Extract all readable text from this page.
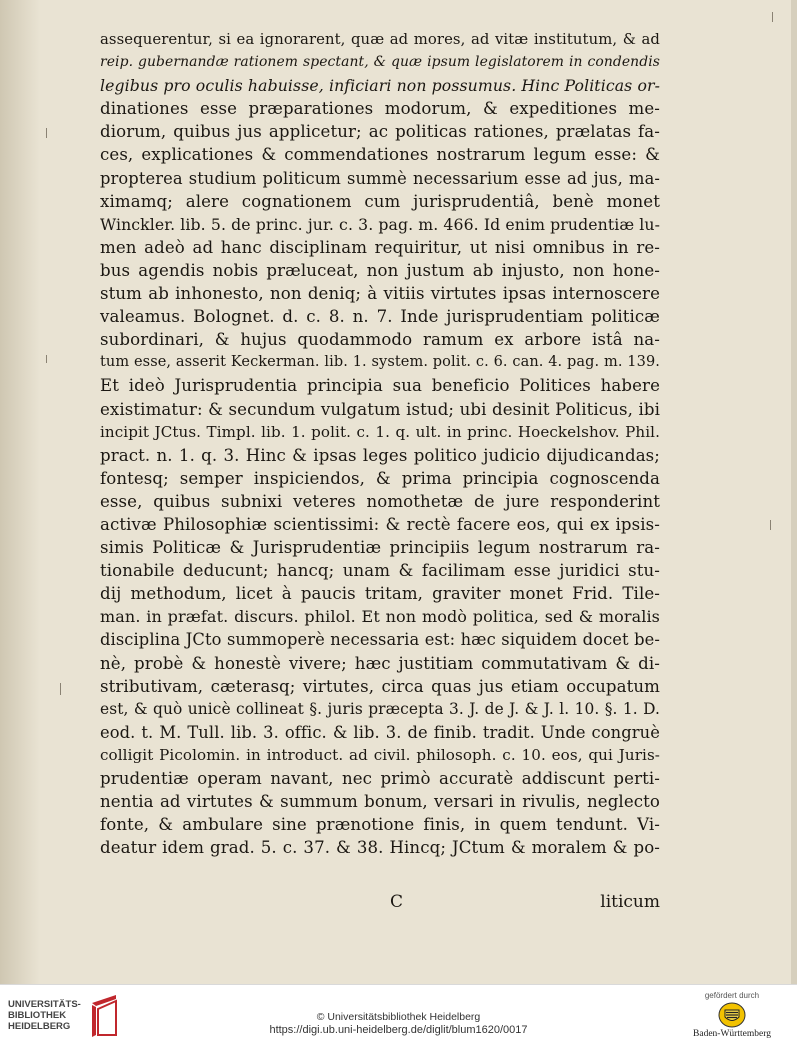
assequerentur, si ea ignorarent, quæ ad mores, ad vitæ institutum, & ad
reip. gubernandæ rationem spectant, & quæ ipsum legislatorem in condendis
legibus pro oculis habuisse, inficiari non possumus. Hinc Politicas or-
dinationes esse præparationes modorum, & expeditiones me-
diorum, quibus jus applicetur; ac politicas rationes, prælatas fa-
ces, explicationes & commendationes nostrarum legum esse: &
propterea studium politicum summè necessarium esse ad jus, ma-
ximamq; alere cognationem cum jurisprudentiâ, benè monet
Winckler. lib. 5. de princ. jur. c. 3. pag. m. 466. Id enim prudentiæ lu-
men adeò ad hanc disciplinam requiritur, ut nisi omnibus in re-
bus agendis nobis præluceat, non justum ab injusto, non hone-
stum ab inhonesto, non deniq; à vitiis virtutes ipsas internoscere
valeamus. Bolognet. d. c. 8. n. 7. Inde jurisprudentiam politicæ
subordinari, & hujus quodammodo ramum ex arbore istâ na-
tum esse, asserit Keckerman. lib. 1. system. polit. c. 6. can. 4. pag. m. 139.
Et ideò Jurisprudentia principia sua beneficio Politices habere
existimatur: & secundum vulgatum istud; ubi desinit Politicus, ibi
incipit JCtus. Timpl. lib. 1. polit. c. 1. q. ult. in princ. Hoeckelshov. Phil.
pract. n. 1. q. 3. Hinc & ipsas leges politico judicio dijudicandas;
fontesq; semper inspiciendos, & prima principia cognoscenda
esse, quibus subnixi veteres nomothetæ de jure responderint
activæ Philosophiæ scientissimi: & rectè facere eos, qui ex ipsis-
simis Politicæ & Jurisprudentiæ principiis legum nostrarum ra-
tionabile deducunt; hancq; unam & facilimam esse juridici stu-
dij methodum, licet à paucis tritam, graviter monet Frid. Tile-
man. in præfat. discurs. philol. Et non modò politica, sed & moralis
disciplina JCto summoperè necessaria est: hæc siquidem docet be-
nè, probè & honestè vivere; hæc justitiam commutativam & di-
stributivam, cæterasq; virtutes, circa quas jus etiam occupatum
est, & quò unicè collineat §. juris præcepta 3. J. de J. & J. l. 10. §. 1. D.
eod. t. M. Tull. lib. 3. offic. & lib. 3. de finib. tradit. Unde congruè
colligit Picolomin. in introduct. ad civil. philosoph. c. 10. eos, qui Juris-
prudentiæ operam navant, nec primò accuratè addiscunt perti-
nentia ad virtutes & summum bonum, versari in rivulis, neglecto
fonte, & ambulare sine prænotione finis, in quem tendunt. Vi-
deatur idem grad. 5. c. 37. & 38. Hincq; JCtum & moralem & po-
C	liticum
UNIVERSITÄTS-
BIBLIOTHEK
HEIDELBERG
© Universitätsbibliothek Heidelberg
https://digi.ub.uni-heidelberg.de/diglit/blum1620/0017
gefördert durch
Baden-Württemberg
